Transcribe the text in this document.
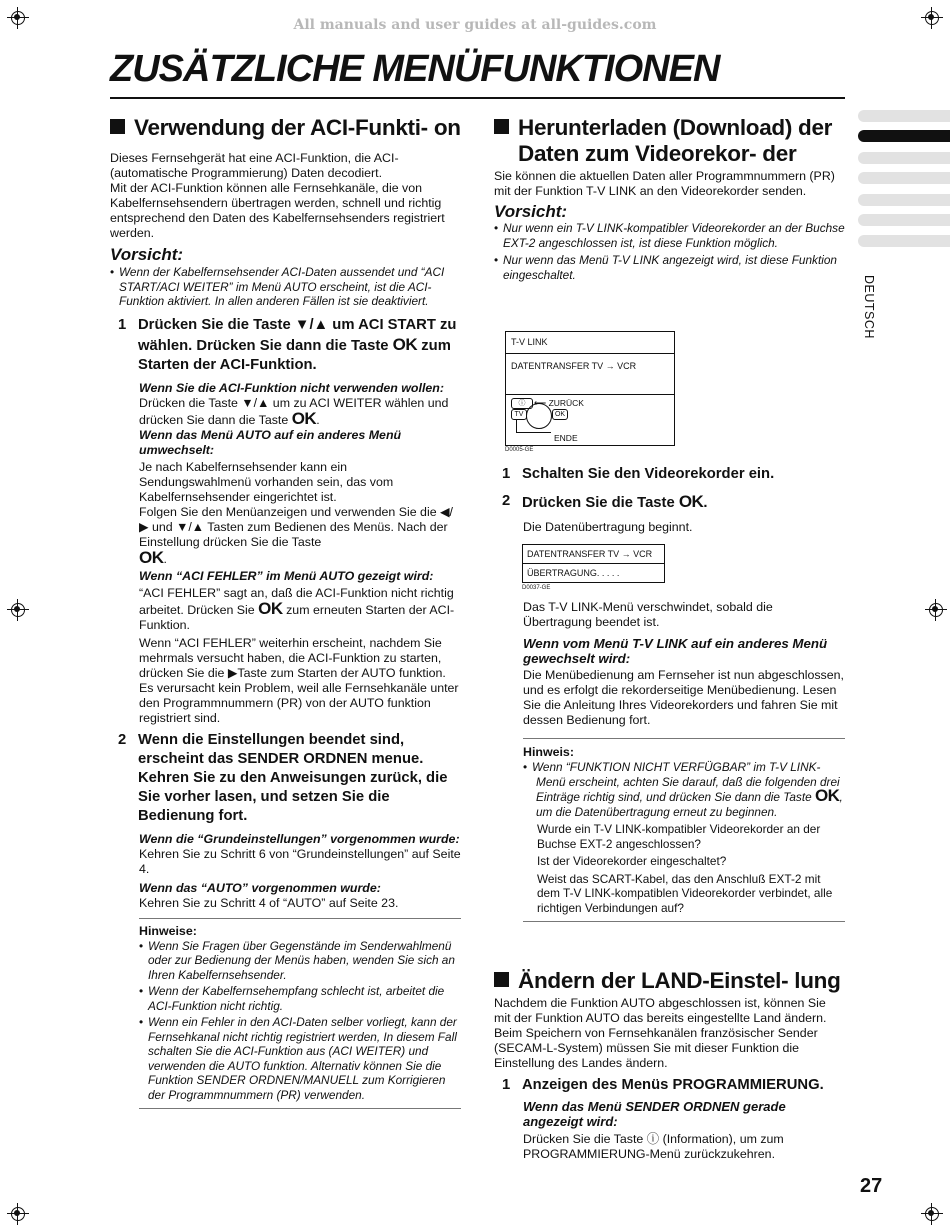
All manuals and user guides at all-guides.com
ZUSÄTZLICHE MENÜFUNKTIONEN
DEUTSCH
Verwendung der ACI-Funkti- on

Dieses Fernsehgerät hat eine ACI-Funktion, die ACI- (automatische Programmierung) Daten decodiert.

Mit der ACI-Funktion können alle Fernsehkanäle, die von Kabelfernsehsendern übertragen werden, schnell und richtig entsprechend den Daten des Kabelfernsehsenders registriert werden.

Vorsicht:

• Wenn der Kabelfernsehsender ACI-Daten aussendet und “ACI START/ACI WEITER” im Menü AUTO erscheint, ist die ACI-Funktion aktiviert. In allen anderen Fällen ist sie deaktiviert.

1 Drücken Sie die Taste ▼/▲ um ACI START zu wählen. Drücken Sie dann die Taste OK zum Starten der ACI-Funktion.

Wenn Sie die ACI-Funktion nicht verwenden wollen:

Drücken die Taste ▼/▲ um zu ACI WEITER wählen und drücken Sie dann die Taste OK.

Wenn das Menü AUTO auf ein anderes Menü umwechselt:

Je nach Kabelfernsehsender kann ein Sendungswahlmenü vorhanden sein, das vom Kabelfernsehsender eingerichtet ist.

Folgen Sie den Menüanzeigen und verwenden Sie die ◀/▶ und ▼/▲ Tasten zum Bedienen des Menüs. Nach der Einstellung drücken Sie die Taste

OK.

Wenn “ACI FEHLER” im Menü AUTO gezeigt wird:

“ACI FEHLER” sagt an, daß die ACI-Funktion nicht richtig arbeitet. Drücken Sie OK zum erneuten Starten der ACI-Funktion.

Wenn “ACI FEHLER” weiterhin erscheint, nachdem Sie mehrmals versucht haben, die ACI-Funktion zu starten, drücken Sie die ▶Taste zum Starten der AUTO funktion. Es verursacht kein Problem, weil alle Fernsehkanäle unter den Programmnummern (PR) von der AUTO funktion registriert sind.

2 Wenn die Einstellungen beendet sind, erscheint das SENDER ORDNEN menue. Kehren Sie zu den Anweisungen zurück, die Sie vorher lasen, und setzen Sie die Bedienung fort.

Wenn die “Grundeinstellungen” vorgenommen wurde:

Kehren Sie zu Schritt 6 von “Grundeinstellungen” auf Seite 4.

Wenn das “AUTO” vorgenommen wurde:

Kehren Sie zu Schritt 4 of “AUTO” auf Seite 23.

Hinweise:

• Wenn Sie Fragen über Gegenstände im Senderwahlmenü oder zur Bedienung der Menüs haben, wenden Sie sich an Ihren Kabelfernsehsender.

• Wenn der Kabelfernsehempfang schlecht ist, arbeitet die ACI-Funktion nicht richtig.

• Wenn ein Fehler in den ACI-Daten selber vorliegt, kann der Fernsehkanal nicht richtig registriert werden, In diesem Fall schalten Sie die ACI-Funktion aus (ACI WEITER) und verwenden die AUTO funktion. Alternativ können Sie die Funktion SENDER ORDNEN/MANUELL zum Korrigieren der Programmnummern (PR) verwenden.

Herunterladen (Download) der Daten zum Videorekor- der

Sie können die aktuellen Daten aller Programmnummern (PR) mit der Funktion T-V LINK an den Videorekorder senden.

Vorsicht:

• Nur wenn ein T-V LINK-kompatibler Videorekorder an der Buchse EXT-2 angeschlossen ist, ist diese Funktion möglich.

• Nur wenn das Menü T-V LINK angezeigt wird, ist diese Funktion eingeschaltet.

T-V LINK
DATENTRANSFER TV → VCR
ⓘ	⟵ ZURÜCK
TV	OK
ENDE
D0005-GE
1 Schalten Sie den Videorekorder ein.
2 Drücken Sie die Taste OK.

Die Datenübertragung beginnt.

DATENTRANSFER TV → VCR
ÜBERTRAGUNG. . . . .
D0037-GE

Das T-V LINK-Menü verschwindet, sobald die Übertragung beendet ist.

Wenn vom Menü T-V LINK auf ein anderes Menü gewechselt wird:

Die Menübedienung am Fernseher ist nun abgeschlossen, und es erfolgt die rekorderseitige Menübedienung. Lesen Sie die Anleitung Ihres Videorekorders und fahren Sie mit dessen Bedienung fort.

Hinweis:

• Wenn “FUNKTION NICHT VERFÜGBAR” im T-V LINK-Menü erscheint, achten Sie darauf, daß die folgenden drei Einträge richtig sind, und drücken Sie dann die Taste OK, um die Datenübertragung erneut zu beginnen.

Wurde ein T-V LINK-kompatibler Videorekorder an der Buchse EXT-2 angeschlossen?

Ist der Videorekorder eingeschaltet?

Weist das SCART-Kabel, das den Anschluß EXT-2 mit dem T-V LINK-kompatiblen Videorekorder verbindet, alle richtigen Verbindungen auf?

Ändern der LAND-Einstel- lung

Nachdem die Funktion AUTO abgeschlossen ist, können Sie mit der Funktion AUTO das bereits eingestellte Land ändern. Beim Speichern von Fernsehkanälen französischer Sender (SECAM-L-System) müssen Sie mit dieser Funktion die Einstellung des Landes ändern.

1 Anzeigen des Menüs PROGRAMMIERUNG.

Wenn das Menü SENDER ORDNEN gerade angezeigt wird:

Drücken Sie die Taste ⓘ (Information), um zum PROGRAMMIERUNG-Menü zurückzukehren.

27
